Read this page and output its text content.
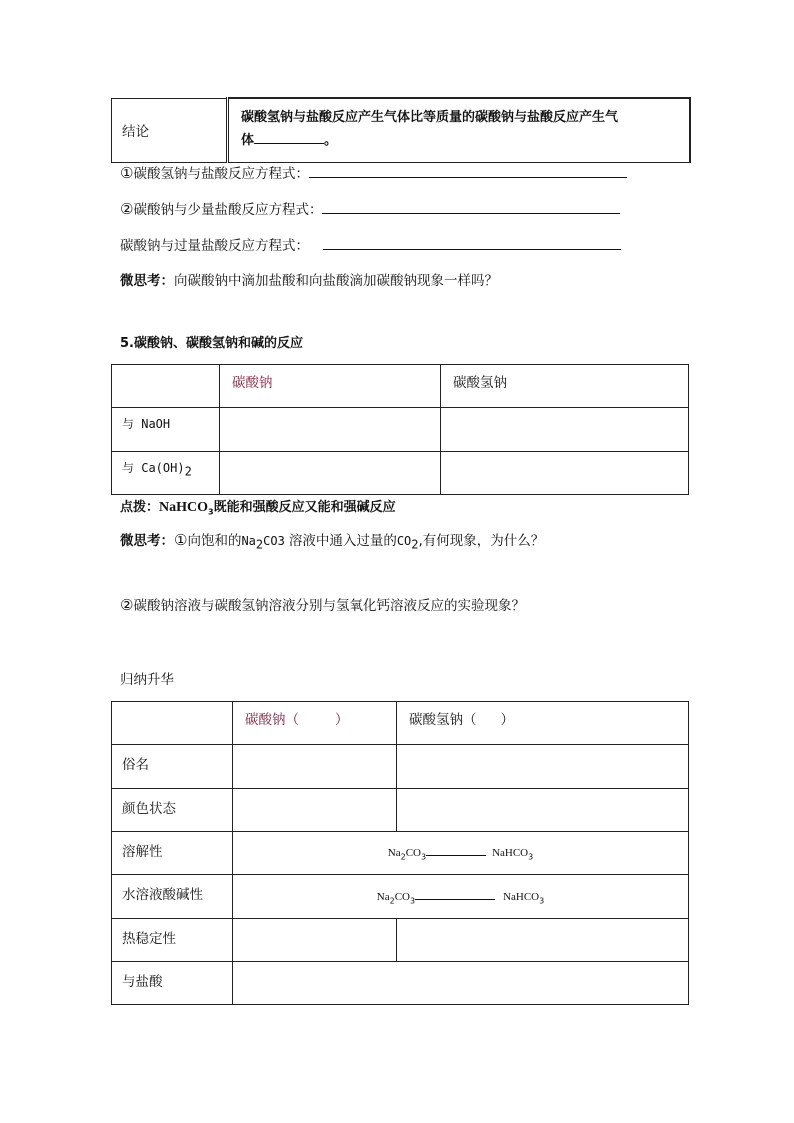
结论	
碳酸氢钠与盐酸反应产生气体比等质量的碳酸钠与盐酸反应产生气
体	。
①碳酸氢钠与盐酸反应方程式：
②碳酸钠与少量盐酸反应方程式：
碳酸钠与过量盐酸反应方程式：
微思考：向碳酸钠中滴加盐酸和向盐酸滴加碳酸钠现象一样吗？
5.碳酸钠、碳酸氢钠和碱的反应
	碳酸钠	碳酸氢钠
与 NaOH		
与 $Ca(OH)_2$		
点拨：NaHCO$_3$既能和强酸反应又能和强碱反应
微思考：①向饱和的$Na_2CO3$ 溶液中通入过量的$CO_2$,有何现象，为什么？
②碳酸钠溶液与碳酸氢钠溶液分别与氢氧化钙溶液反应的实验现象？
归纳升华
	碳酸钠（ ）	碳酸氢钠（ ）
俗名		
颜色状态		
溶解性	$Na_2CO_3$ NaHCO$_3$
水溶液酸碱性	$Na_2CO_3$ NaHCO$_3$
热稳定性		
与盐酸		
